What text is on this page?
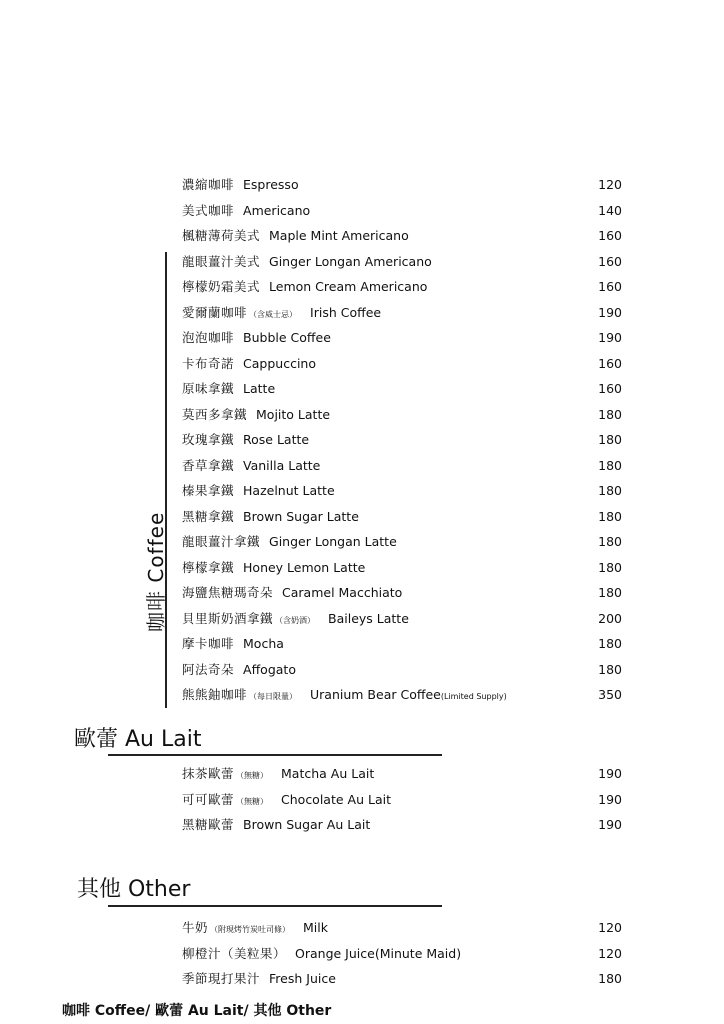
咖啡 Coffee
歐蕾 Au Lait
其他 Other
咖啡 Coffee/ 歐蕾 Au Lait/ 其他 Other
濃縮咖啡 Espresso	120
美式咖啡 Americano	140
楓糖薄荷美式 Maple Mint Americano	160
龍眼薑汁美式 Ginger Longan Americano	160
檸檬奶霜美式 Lemon Cream Americano	160
愛爾蘭咖啡 （含威士忌） Irish Coffee	190
泡泡咖啡 Bubble Coffee	190
卡布奇諾 Cappuccino	160
原味拿鐵 Latte	160
莫西多拿鐵 Mojito Latte	180
玫瑰拿鐵 Rose Latte	180
香草拿鐵 Vanilla Latte	180
榛果拿鐵 Hazelnut Latte	180
黑糖拿鐵 Brown Sugar Latte	180
龍眼薑汁拿鐵 Ginger Longan Latte	180
檸檬拿鐵 Honey Lemon Latte	180
海鹽焦糖瑪奇朵 Caramel Macchiato	180
貝里斯奶酒拿鐵 （含奶酒） Baileys Latte	200
摩卡咖啡 Mocha	180
阿法奇朵 Affogato	180
熊熊鈾咖啡 （每日限量） Uranium Bear Coffee(Limited Supply)	350
抹茶歐蕾 （無糖） Matcha Au Lait	190
可可歐蕾 （無糖） Chocolate Au Lait	190
黑糖歐蕾 Brown Sugar Au Lait	190
牛奶 （附現烤竹炭吐司條） Milk	120
柳橙汁（美粒果） Orange Juice(Minute Maid)	120
季節現打果汁 Fresh Juice	180
